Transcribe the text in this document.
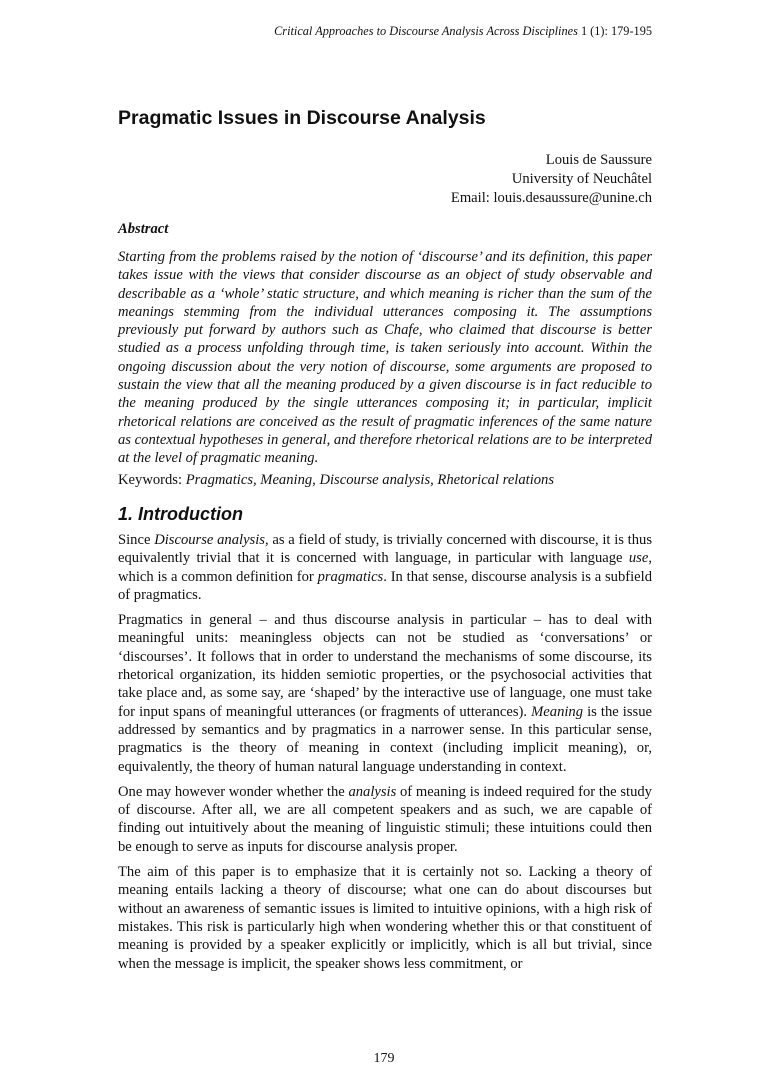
Critical Approaches to Discourse Analysis Across Disciplines 1 (1): 179-195
Pragmatic Issues in Discourse Analysis
Louis de Saussure
University of Neuchâtel
Email: louis.desaussure@unine.ch
Abstract

Starting from the problems raised by the notion of ‘discourse’ and its definition, this paper takes issue with the views that consider discourse as an object of study observable and describable as a ‘whole’ static structure, and which meaning is richer than the sum of the meanings stemming from the individual utterances composing it. The assumptions previously put forward by authors such as Chafe, who claimed that discourse is better studied as a process unfolding through time, is taken seriously into account. Within the ongoing discussion about the very notion of discourse, some arguments are proposed to sustain the view that all the meaning produced by a given discourse is in fact reducible to the meaning produced by the single utterances composing it; in particular, implicit rhetorical relations are conceived as the result of pragmatic inferences of the same nature as contextual hypotheses in general, and therefore rhetorical relations are to be interpreted at the level of pragmatic meaning.

Keywords: Pragmatics, Meaning, Discourse analysis, Rhetorical relations
1. Introduction

Since Discourse analysis, as a field of study, is trivially concerned with discourse, it is thus equivalently trivial that it is concerned with language, in particular with language use, which is a common definition for pragmatics. In that sense, discourse analysis is a subfield of pragmatics.

Pragmatics in general – and thus discourse analysis in particular – has to deal with meaningful units: meaningless objects can not be studied as ‘conversations’ or ‘discourses’. It follows that in order to understand the mechanisms of some discourse, its rhetorical organization, its hidden semiotic properties, or the psychosocial activities that take place and, as some say, are ‘shaped’ by the interactive use of language, one must take for input spans of meaningful utterances (or fragments of utterances). Meaning is the issue addressed by semantics and by pragmatics in a narrower sense. In this particular sense, pragmatics is the theory of meaning in context (including implicit meaning), or, equivalently, the theory of human natural language understanding in context.

One may however wonder whether the analysis of meaning is indeed required for the study of discourse. After all, we are all competent speakers and as such, we are capable of finding out intuitively about the meaning of linguistic stimuli; these intuitions could then be enough to serve as inputs for discourse analysis proper.

The aim of this paper is to emphasize that it is certainly not so. Lacking a theory of meaning entails lacking a theory of discourse; what one can do about discourses but without an awareness of semantic issues is limited to intuitive opinions, with a high risk of mistakes. This risk is particularly high when wondering whether this or that constituent of meaning is provided by a speaker explicitly or implicitly, which is all but trivial, since when the message is implicit, the speaker shows less commitment, or

179
